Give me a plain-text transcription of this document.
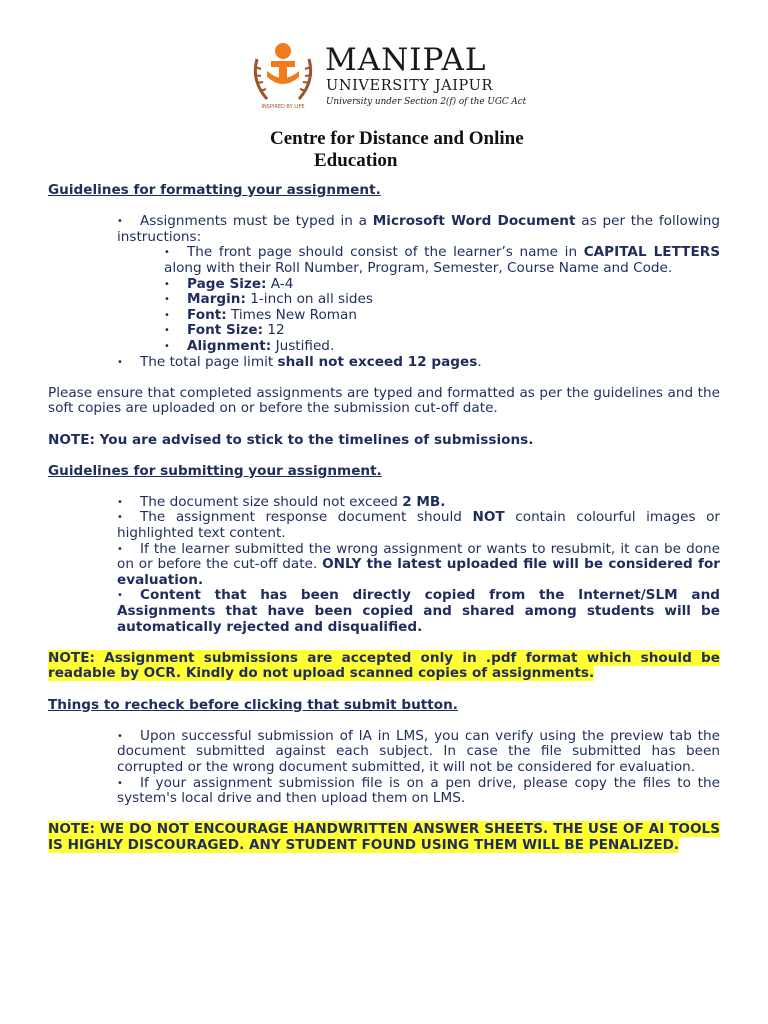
INSPIRED BY LIFE
MANIPAL
UNIVERSITY JAIPUR
University under Section 2(f) of the UGC Act
Centre for Distance and Online
Education

Guidelines for formatting your assignment.

• Assignments must be typed in a Microsoft Word Document as per the following instructions:
• The front page should consist of the learner’s name in CAPITAL LETTERS along with their Roll Number, Program, Semester, Course Name and Code.
• Page Size: A-4
• Margin: 1-inch on all sides
• Font: Times New Roman
• Font Size: 12
• Alignment: Justified.
• The total page limit shall not exceed 12 pages.

Please ensure that completed assignments are typed and formatted as per the guidelines and the soft copies are uploaded on or before the submission cut-off date.

NOTE: You are advised to stick to the timelines of submissions.

Guidelines for submitting your assignment.

• The document size should not exceed 2 MB.
• The assignment response document should NOT contain colourful images or highlighted text content.
• If the learner submitted the wrong assignment or wants to resubmit, it can be done on or before the cut-off date. ONLY the latest uploaded file will be considered for evaluation.
• Content that has been directly copied from the Internet/SLM and Assignments that have been copied and shared among students will be automatically rejected and disqualified.

NOTE: Assignment submissions are accepted only in .pdf format which should be readable by OCR. Kindly do not upload scanned copies of assignments.

Things to recheck before clicking that submit button.

• Upon successful submission of IA in LMS, you can verify using the preview tab the document submitted against each subject. In case the file submitted has been corrupted or the wrong document submitted, it will not be considered for evaluation.
• If your assignment submission file is on a pen drive, please copy the files to the system's local drive and then upload them on LMS.

NOTE: WE DO NOT ENCOURAGE HANDWRITTEN ANSWER SHEETS. THE USE OF AI TOOLS IS HIGHLY DISCOURAGED. ANY STUDENT FOUND USING THEM WILL BE PENALIZED.
